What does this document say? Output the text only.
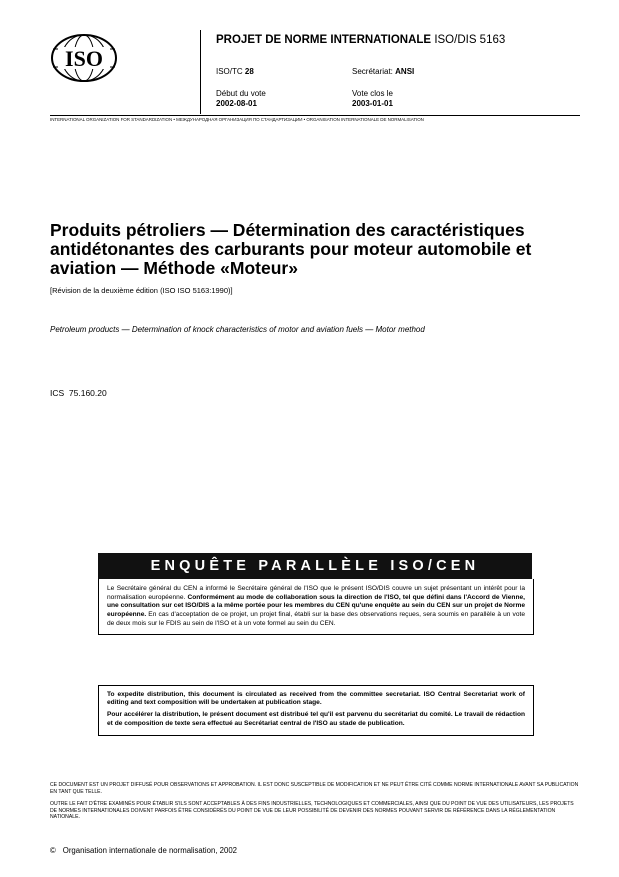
ISO
PROJET DE NORME INTERNATIONALE ISO/DIS 5163
ISO/TC 28	Secrétariat: ANSI
Début du vote
2002-08-01
Vote clos le
2003-01-01
INTERNATIONAL ORGANIZATION FOR STANDARDIZATION • МЕЖДУНАРОДНАЯ ОРГАНИЗАЦИЯ ПО СТАНДАРТИЗАЦИИ • ORGANISATION INTERNATIONALE DE NORMALISATION
Produits pétroliers — Détermination des caractéristiques antidétonantes des carburants pour moteur automobile et aviation — Méthode «Moteur»
[Révision de la deuxième édition (ISO ISO 5163:1990)]
Petroleum products — Determination of knock characteristics of motor and aviation fuels — Motor method
ICS 75.160.20
ENQUÊTE PARALLÈLE ISO/CEN
Le Secrétaire général du CEN a informé le Secrétaire général de l'ISO que le présent ISO/DIS couvre un sujet présentant un intérêt pour la normalisation européenne. Conformément au mode de collaboration sous la direction de l'ISO, tel que défini dans l'Accord de Vienne, une consultation sur cet ISO/DIS a la même portée pour les membres du CEN qu'une enquête au sein du CEN sur un projet de Norme européenne. En cas d'acceptation de ce projet, un projet final, établi sur la base des observations reçues, sera soumis en parallèle à un vote de deux mois sur le FDIS au sein de l'ISO et à un vote formel au sein du CEN.

To expedite distribution, this document is circulated as received from the committee secretariat. ISO Central Secretariat work of editing and text composition will be undertaken at publication stage.

Pour accélérer la distribution, le présent document est distribué tel qu'il est parvenu du secrétariat du comité. Le travail de rédaction et de composition de texte sera effectué au Secrétariat central de l'ISO au stade de publication.

CE DOCUMENT EST UN PROJET DIFFUSÉ POUR OBSERVATIONS ET APPROBATION. IL EST DONC SUSCEPTIBLE DE MODIFICATION ET NE PEUT ÊTRE CITÉ COMME NORME INTERNATIONALE AVANT SA PUBLICATION EN TANT QUE TELLE.
OUTRE LE FAIT D'ÊTRE EXAMINÉS POUR ÉTABLIR S'ILS SONT ACCEPTABLES À DES FINS INDUSTRIELLES, TECHNOLOGIQUES ET COMMERCIALES, AINSI QUE DU POINT DE VUE DES UTILISATEURS, LES PROJETS DE NORMES INTERNATIONALES DOIVENT PARFOIS ÊTRE CONSIDÉRÉS DU POINT DE VUE DE LEUR POSSIBILITÉ DE DEVENIR DES NORMES POUVANT SERVIR DE RÉFÉRENCE DANS LA RÉGLEMENTATION NATIONALE.
© Organisation internationale de normalisation, 2002
